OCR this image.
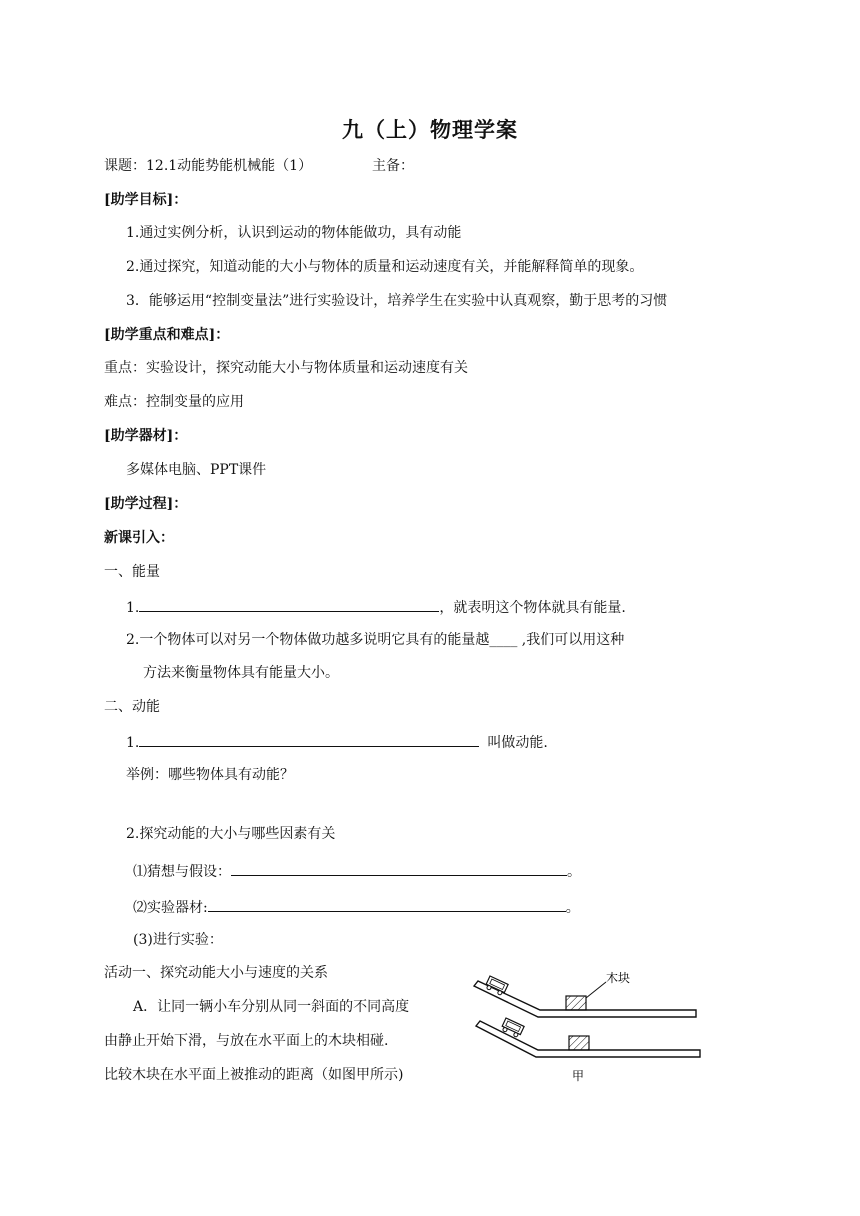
九（上）物理学案
课题：12.1动能势能机械能（1）	主备：
[助学目标]：
1.通过实例分析，认识到运动的物体能做功，具有动能
2.通过探究，知道动能的大小与物体的质量和运动速度有关，并能解释简单的现象。
3．能够运用“控制变量法”进行实验设计，培养学生在实验中认真观察，勤于思考的习惯
[助学重点和难点]：
重点：实验设计，探究动能大小与物体质量和运动速度有关
难点：控制变量的应用
[助学器材]：
多媒体电脑、PPT课件
[助学过程]：
新课引入：
一、能量
1.	，就表明这个物体就具有能量.
2.一个物体可以对另一个物体做功越多说明它具有的能量越____ ,我们可以用这种
方法来衡量物体具有能量大小。
二、动能
1.	叫做动能.
举例：哪些物体具有动能？
2.探究动能的大小与哪些因素有关
⑴猜想与假设：	。
⑵实验器材:	。
(3)进行实验：
活动一、探究动能大小与速度的关系
A．让同一辆小车分别从同一斜面的不同高度
由静止开始下滑，与放在水平面上的木块相碰.
比较木块在水平面上被推动的距离（如图甲所示)
木块
甲
